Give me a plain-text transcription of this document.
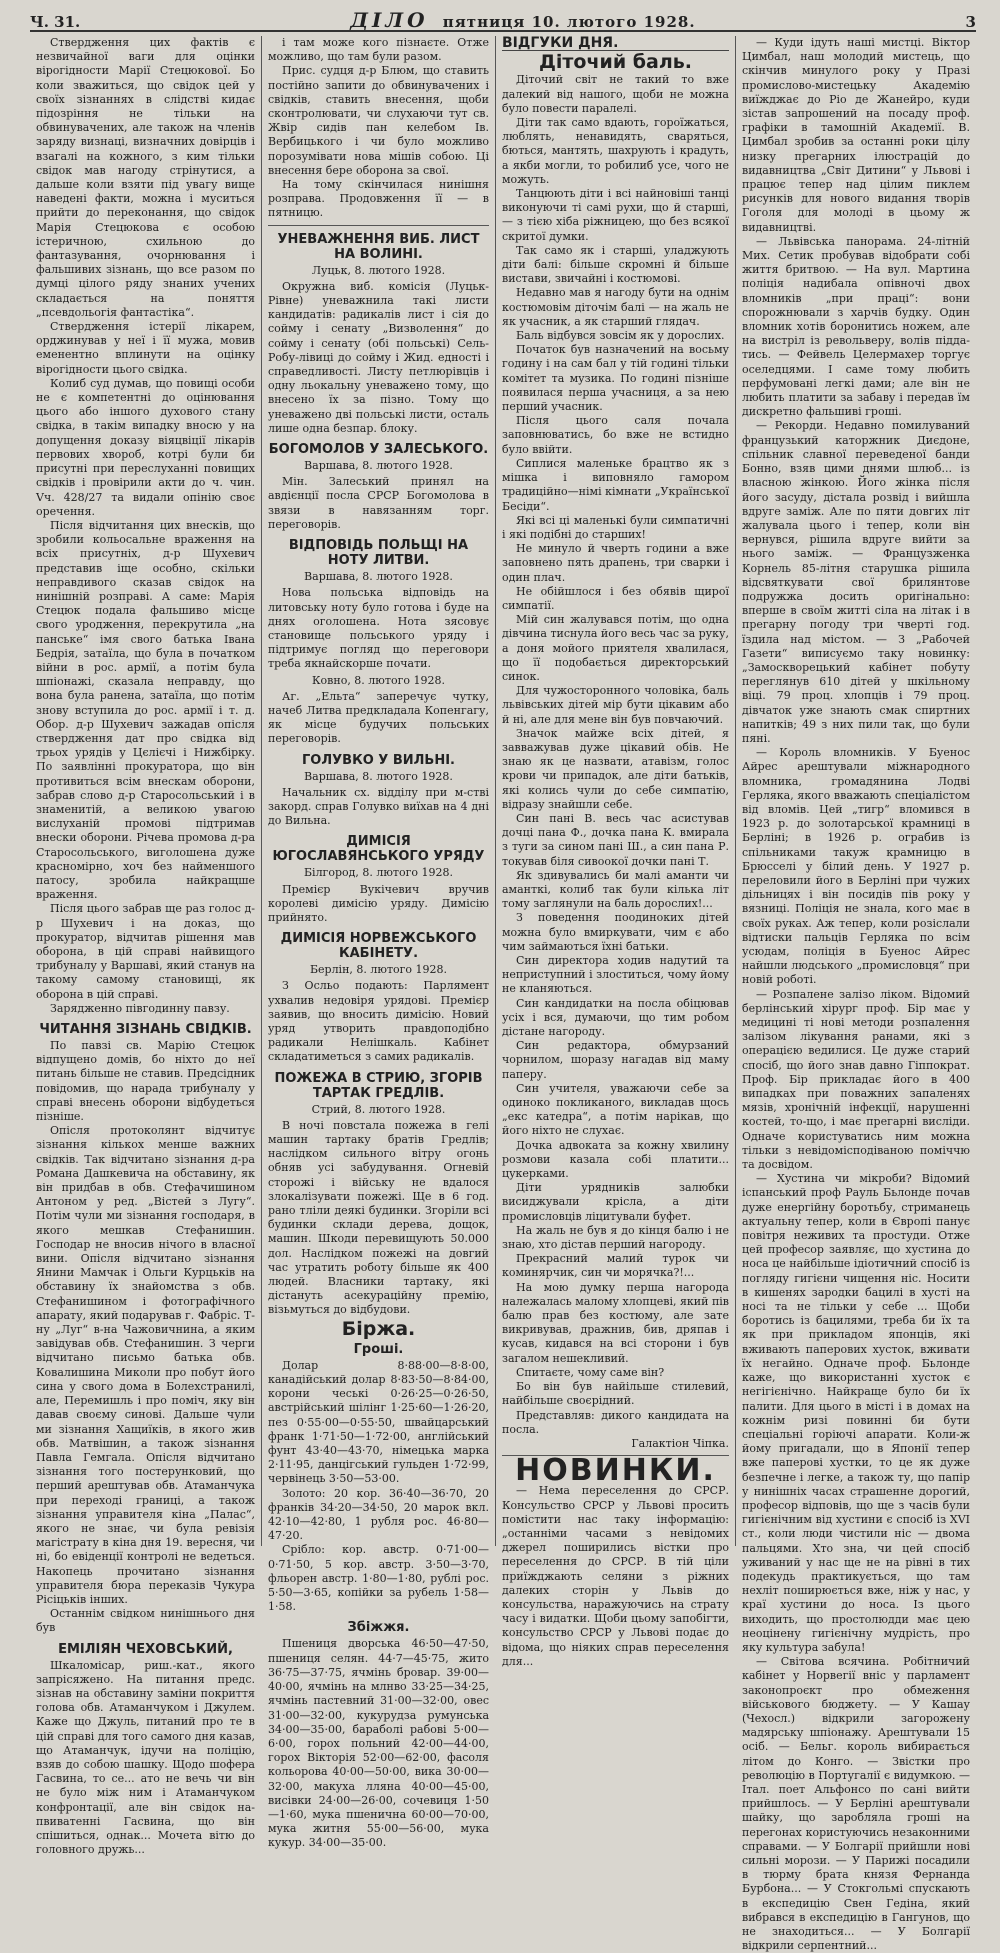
Ч. 31.	ДІЛО пятниця 10. лютого 1928.	3

Ствердження цих фактів є незвичайної ваги для оцінки вірогідности Марії Стецюкової. Бо коли зважиться, що свідок цей у своїх зізнаннях в слідстві кидає підозріння не тільки на обвинувачених, але також на членів заряду визнаці, визначних довірців і взагалі на кожного, з ким тільки свідок мав нагоду стрінутися, а дальше коли взяти під увагу вище наведені факти, можна і муситься прийти до переконання, що свідок Марія Стецюкова є особою істеричною, схильною до фантазування, очорнювання і фальшивих зізнань, що все разом по думці цілого ряду знаних учених складається на поняття „псевдольогія фантастіка“.

Ствердження істерії лікарем, орджинував у неї і її мужа, мовив еменентно вплинути на оцінку вірогідности цього свідка.

Колиб суд думав, що повищі особи не є компетентні до оцінювання цього або іншого духового стану свідка, в такім випадку вносю у на допущення доказу віяцвіції лікарів первових хвороб, котрі були би присутні при переслуханні повищих свідків і провірили акти до ч. чин. Vч. 428/27 та видали опінію своє оречення.

Після відчитання цих внесків, що зробили кольосальне враження на всіх присутніх, д-р Шухевич представив іще особно, скільки неправдивого сказав свідок на нинішній розправі. А саме: Марія Стецюк подала фальшиво місце свого уродження, перекрутила „на панське“ імя свого батька Івана Бедрія, затаїла, що була в початком війни в рос. армії, а потім була шпіонажі, сказала неправду, що вона була ранена, затаїла, що потім знову вступила до рос. армії і т. д. Обор. д-р Шухевич зажадав опісля ствердження дат про свідка від трьох урядів у Цєлієчі і Нижбірку. По заявлінні прокуратора, що він противиться всім внескам оборони, забрав слово д-р Старосольський і в знаменитій, а великою увагою вислуханій промові підтримав внески оборони. Річева промова д-ра Старосольського, виголошена дуже красномірно, хоч без найменшого патосу, зробила найкращше враження.

Після цього забрав ще раз голос д-р Шухевич і на доказ, що прокуратор, відчитав рішення мав оборона, в цій справі найвищого трибуналу у Варшаві, який станув на такому самому становищі, як оборона в цій справі.

Зарядженно півгодинну павзу.

ЧИТАННЯ ЗІЗНАНЬ СВІДКІВ.

По павзі св. Марію Стецюк відпущено домів, бо ніхто до неї питань більше не ставив. Предсідник повідомив, що нарада трибуналу у справі внесень оборони відбудеться пізніше.

Опісля протоколянт відчитує зізнання кількох менше важних свідків. Так відчитано зізнання д-ра Романа Дашкевича на обставину, як він придбав в обв. Стефачишином Антоном у ред. „Вістей з Лугу“. Потім чули ми зізнання господаря, в якого мешкав Стефанишин. Господар не вносив нічого в власної вини. Опісля відчитано зізнання Янини Мамчак і Ольги Курцьків на обставину їх знайомства з обв. Стефанишином і фотографічного апарату, який подарував г. Фабріс. Т-ну „Луг“ в-на Чажовичнина, а яким завідував обв. Стефанишин. З черги відчитано письмо батька обв. Ковалишина Миколи про побут його сина у свого дома в Болехстранилі, але, Перемишль і про поміч, яку він давав своєму синові. Дальше чули ми зізнання Хащиїків, в якого жив обв. Матвішин, а також зізнання Павла Гемгала. Опісля відчитано зізнання того постерунковий, що перший арештував обв. Атаманчука при переході границі, а також зізнання управителя кіна „Палас“, якого не знає, чи була ревізія магістрату в кіна дня 19. вересня, чи ні, бо евіденції контролі не ведеться. Накопець прочитано зізнання управителя бюра переказів Чукура Рісіцьків інших.

Останнім свідком нинішнього дня був

ЕМІЛІЯН ЧЕХОВСЬКИЙ,

Шкаломісар, риш.-кат., якого запрісяжено. На питання предс. зізнав на обставину заміни покриття голова обв. Атаманчуком і Джулем. Каже що Джуль, питаний про те в цій справі для того самого дня казав, що Атаманчук, ідучи на поліцію, взяв до собою шашку. Щодо шофера Гасвина, то се... ато не вечь чи він не було між ним і Атаманчуком конфронтації, але він свідок на-пвиватенні Гасвина, що він спішиться, однак... Мочета вітю до головного дружь...

і там може кого пізнаєте. Отже можливо, що там були разом.

Прис. судця д-р Блюм, що ставить постійно запити до обвинувачених і свідків, ставить внесення, щоби сконтролювати, чи слухаючи тут св. Жвір сидів пан келебом Ів. Вербицького і чи було можливо порозумівати нова мішів собою. Ці внесення бере оборона за свої.

На тому скінчилася нинішня розправа. Продовження її — в пятницю.

УНЕВАЖНЕННЯ ВИБ. ЛИСТ НА ВОЛИНІ.
Луцьк, 8. лютого 1928.

Окружна виб. комісія (Луцьк-Рівне) уневажнила такі листи кандидатів: радикалів лист і сія до сойму і сенату „Визволення“ до сойму і сенату (обі польські) Сель-Робу-лівиці до сойму і Жид. едності і справедливості. Листу петлюрівців і одну льокальну уневажено тому, що внесено їх за пізно. Тому що уневажено дві польські листи, осталь лише одна безпар. блоку.

БОГОМОЛОВ У ЗАЛЕСЬКОГО.
Варшава, 8. лютого 1928.

Мін. Залеський принял на авдієнції посла СРСР Богомолова в звязи в навязанням торг. переговорів.

ВІДПОВІДЬ ПОЛЬЩІ НА НОТУ ЛИТВИ.
Варшава, 8. лютого 1928.

Нова польська відповідь на литовську ноту було готова і буде на днях оголошена. Нота зясовує становище польського уряду і підтримує погляд що переговори треба якнайскорше почати.

Ковно, 8. лютого 1928.

Аг. „Ельта“ заперечує чутку, начеб Литва предкладала Копенгагу, як місце будучих польських переговорів.

ГОЛУВКО У ВИЛЬНІ.
Варшава, 8. лютого 1928.

Начальник сх. відділу при м-стві закорд. справ Голувко виїхав на 4 дні до Вильна.

ДИМІСІЯ ЮГОСЛАВЯНСЬКОГО УРЯДУ
Білгород, 8. лютого 1928.

Премієр Вукічевич вручив королеві димісію уряду. Димісію прийнято.

ДИМІСІЯ НОРВЕЖСЬКОГО КАБІНЕТУ.
Берлін, 8. лютого 1928.

З Осльо подають: Парлямент ухвалив недовіря урядові. Премієр заявив, що вносить димісію. Новий уряд утворить правдоподібно радикали Нелішкаль. Кабінет складатиметься з самих радикалів.

ПОЖЕЖА В СТРИЮ, ЗГОРІВ ТАРТАК ГРЕДЛІВ.
Стрий, 8. лютого 1928.

В ночі повстала пожежа в гелі машин тартаку братів Гредлів; наслідком сильного вітру огонь обняв усі забудування. Огневій сторожі і війську не вдалося злокалізувати пожежі. Ще в 6 год. рано тліли деякі будинки. Згоріли всі будинки склади дерева, дощок, машин. Шкоди перевищують 50.000 дол. Наслідком пожежі на довгий час утратить роботу більше як 400 людей. Власники тартаку, які дістануть асекураційну премію, візьмуться до відбудови.

Біржа.
Гроші.

Долар 8·88·00—8·8·00, канадійський долар 8·83·50—8·84·00, корони чеські 0·26·25—0·26·50, австрійський шілінг 1·25·60—1·26·20, пез 0·55·00—0·55·50, швайцарський франк 1·71·50—1·72·00, англійський фунт 43·40—43·70, німецька марка 2·11·95, данцігський гульден 1·72·99, червінець 3·50—53·00.

Золото: 20 кор. 36·40—36·70, 20 франків 34·20—34·50, 20 марок вкл. 42·10—42·80, 1 рубля рос. 46·80—47·20.

Срібло: кор. австр. 0·71·00—0·71·50, 5 кор. австр. 3·50—3·70, фльорен австр. 1·80—1·80, рублі рос. 5·50—3·65, копійки за рубель 1·58—1·58.

Збіжжя.

Пшениця дворська 46·50—47·50, пшениця селян. 44·7—45·75, жито 36·75—37·75, ячмінь бровар. 39·00—40·00, ячмінь на млнво 33·25—34·25, ячмінь пастевний 31·00—32·00, овес 31·00—32·00, кукурудза румунська 34·00—35·00, бараболі рабові 5·00—6·00, горох польний 42·00—44·00, горох Вікторія 52·00—62·00, фасоля кольорова 40·00—50·00, вика 30·00—32·00, макуха лляна 40·00—45·00, висівки 24·00—26·00, сочевиця 1·50—1·60, мука пшенична 60·00—70·00, мука житня 55·00—56·00, мука кукур. 34·00—35·00.

ВІДГУКИ ДНЯ.
Діточий баль.

Діточий світ не такий то вже далекий від нашого, щоби не можна було повести паралелі.

Діти так само вдають, гороїжаться, люблять, ненавидять, сваряться, бються, мантять, шахрують і крадуть, а якби могли, то робилиб усе, чого не можуть.

Танцюють діти і всі найновіші танці виконуючи ті самі рухи, що й старші, — з тією хіба ріжницею, що без всякої скритої думки.

Так само як і старші, уладжують діти балі: більше скромні й більше вистави, звичайні і костюмові.

Недавно мав я нагоду бути на однім костюмовім діточім балі — на жаль не як учасник, а як старший глядач.

Баль відбувся зовсім як у дорослих.

Початок був назначений на восьму годину і на сам бал у тій годині тільки комітет та музика. По годині пізніше появилася перша учасниця, а за нею перший учасник.

Після цього саля почала заповнюватись, бо вже не встидно було ввійти.

Сиплися маленьке брацтво як з мішка і виповняло гамором традиційно—німі кімнати „Української Бесіди“.

Які всі ці маленькі були симпатичні і які подібні до старших!

Не минуло й чверть години а вже заповнено пять драпень, три сварки і один плач.

Не обійшлося і без обявів щирої симпатії.

Мій син жалувався потім, що одна дівчина тиснула його весь час за руку, а доня мойого приятеля хвалилася, що її подобається директорський синок.

Для чужосторонного чоловіка, баль львівських дітей мір бути цікавим або й ні, але для мене він був повчаючий.

Значок майже всіх дітей, я завважував дуже цікавий обів. Не знаю як це назвати, атавізм, голос крови чи припадок, але діти батьків, які колись чули до себе симпатію, відразу знайшли себе.

Син пані В. весь час асистував дочці пана Ф., дочка пана К. вмирала з туги за сином пані Ш., а син пана Р. токував біля сивоокої дочки пані Т.

Як здивувались би малі аманти чи аманткі, колиб так були кілька літ тому заглянули на баль дорослих!...

З поведення поодиноких дітей можна було вмиркувати, чим є або чим займаються їхні батьки.

Син директора ходив надутий та неприступний і злоститься, чому йому не кланяються.

Син кандидатки на посла обіцював усіх і вся, думаючи, що тим робом дістане нагороду.

Син редактора, обмурзаний чорнилом, шоразу нагадав від маму паперу.

Син учителя, уважаючи себе за одиноко покликаного, викладав щось „екс катедра“, а потім нарікав, що його ніхто не слухає.

Дочка адвоката за кожну хвилину розмови казала собі платити... цукерками.

Діти урядників залюбки висиджували крісла, а діти промисловців ліцитували буфет.

На жаль не був я до кінця балю і не знаю, хто дістав перший нагороду.

Прекрасний малий турок чи коминярчик, син чи морячка?!...

На мою думку перша нагорода належалась малому хлопцеві, який пів балю прав без костюму, але зате викривував, дражнив, бив, дряпав і кусав, кидався на всі сторони і був загалом нешекливий.

Спитаєте, чому саме він?

Бо він був найільше стилевий, найбільше своєрідний.

Представляв: дикого кандидата на посла.

Галактіон Чіпка.

НОВИНКИ.

— Нема переселення до СРСР. Консульство СРСР у Львові просить помістити нас таку інформацію: „останніми часами з невідомих джерел поширились вістки про переселення до СРСР. В тій ціли приїжджають селяни з ріжних далеких сторін у Львів до консульства, наражуючись на страту часу і видатки. Щоби цьому запобігти, консульство СРСР у Львові подає до відома, що ніяких справ переселення для...

— Куди ідуть наші мистці. Віктор Цимбал, наш молодий мистець, що скінчив минулого року у Празі промислово-мистецьку Академію виїжджає до Ріо де Жанейро, куди зістав запрошений на посаду проф. графіки в тамошній Академії. В. Цимбал зробив за останні роки цілу низку прегарних ілюстрацій до видавництва „Світ Дитини“ у Львові і працює тепер над цілим пиклем рисунків для нового видання творів Гоголя для молоді в цьому ж видавництві.

— Львівська панорама. 24-літній Мих. Сетик пробував відобрати собі життя бритвою. — На вул. Мартина поліція надибала опівночі двох вломників „при праці“: вони спорожнювали з харчів будку. Один вломник хотів боронитись ножем, але на вистріл із револьверу, волів підда-тись. — Фейвель Целермахер торгує оселедцями. І саме тому любить перфумовані легкі дами; але він не любить платити за забаву і передав їм дискретно фальшиві гроші.

— Рекорди. Недавно помилуваний французький каторжник Диєдоне, спільник славної переведеної банди Бонно, взяв цими днями шлюб... із власною жінкою. Його жінка після його засуду, дістала розвід і вийшла вдруге заміж. Але по пяти довгих літ жалувала цього і тепер, коли він вернувся, рішила вдруге вийти за нього заміж. — Французженка Корнель 85-літня старушка рішила відсвяткувати свої брилянтове подружжа досить оригінально: вперше в своїм житті сіла на літак і в прегарну погоду три чверті год. їздила над містом. — З „Рабочей Газети“ виписуємо таку новинку: „Замоскворецький кабінет побуту переглянув 610 дітей у шкільному віці. 79 проц. хлопців і 79 проц. дівчаток уже знають смак спиртних напитків; 49 з них пили так, що були пяні.

— Король вломників. У Буенос Айрес арештували міжнародного вломника, громадянина Лодві Герляка, якого вважають спеціалістом від вломів. Цей „тигр“ вломився в 1923 р. до золотарської крамниці в Берліні; в 1926 р. ограбив із спільниками такуж крамницю в Брюсселі у білий день. У 1927 р. переловили його в Берліні при чужих дільницях і він посидів пів року у вязниці. Поліція не знала, кого має в своїх руках. Аж тепер, коли розіслали відтиски пальців Герляка по всім усюдам, поліція в Буенос Айрес найшли людського „промисловця“ при новій роботі.

— Розпалене залізо ліком. Відомий берлінський хірург проф. Бір має у медицині ті нові методи розпалення залізом лікування ранами, які з операцією ведилися. Це дуже старий спосіб, що його знав давно Гіппократ. Проф. Бір прикладає його в 400 випадках при поважних запаленях мязів, хронічній інфекції, нарушенні костей, то-що, і має прегарні висліди. Одначе користуватись ним можна тільки з невідомісподіваною поміччю та досвідом.

— Хустина чи мікроби? Відомий іспанський проф Рауль Бьлонде почав дуже енергійну боротьбу, стриманець актуальну тепер, коли в Європі панує повітря неживих та простуди. Отже цей професор заявляє, що хустина до носа це найбільше ідіотичний спосіб із погляду гигієни чищення ніс. Носити в кишенях зародки бацилі в хусті на носі та не тільки у себе ... Щоби боротись із бацилями, треба би їх та як при прикладом японців, які вживають паперових хусток, вживати їх негайно. Одначе проф. Бьлонде каже, що використанні хусток є негігієнічно. Найкраще було би їх палити. Для цього в місті і в домах на кожнім ризі повинні би бути спеціальні горіючі апарати. Коли-ж йому пригадали, що в Японії тепер вже паперові хустки, то це як дуже безпечне і легке, а також ту, що папір у нинішніх часах страшенне дорогий, професор відповів, що ще з часів були гигієнічним від хустини є спосіб із XVI ст., коли люди чистили ніс — двома пальцями. Хто зна, чи цей спосіб уживаний у нас ще не на рівні в тих подекудь практикується, що там нехліт поширюється вже, ніж у нас, у краї хустини до носа. Із цього виходить, що простолюдди має цею неоцінену гигієнічну мудрість, про яку культура забула!

— Світова всячина. Робітничий кабінет у Норвегії вніс у парламент законопроєкт про обмеження військового бюджету. — У Кашау (Чехосл.) відкрили загорожену мадярську шпіонажу. Арештували 15 осіб. — Бельг. король вибирається літом до Конго. — Звістки про революцію в Португалії є видумкою. — Італ. поет Альфонсо по сані вийти прийшлось. — У Берліні арештували шайку, що заробляла гроші на перегонах користуючись незаконними справами. — У Болгарії прийшли нові сильні морози. — У Парижі посадили в тюрму брата князя Фернанда Бурбона... — У Стокгольмі спускають в експедицію Свен Гедіна, який вибрався в експедицію в Гангунов, що не знаходиться... — У Болгарії відкрили серпентний...
